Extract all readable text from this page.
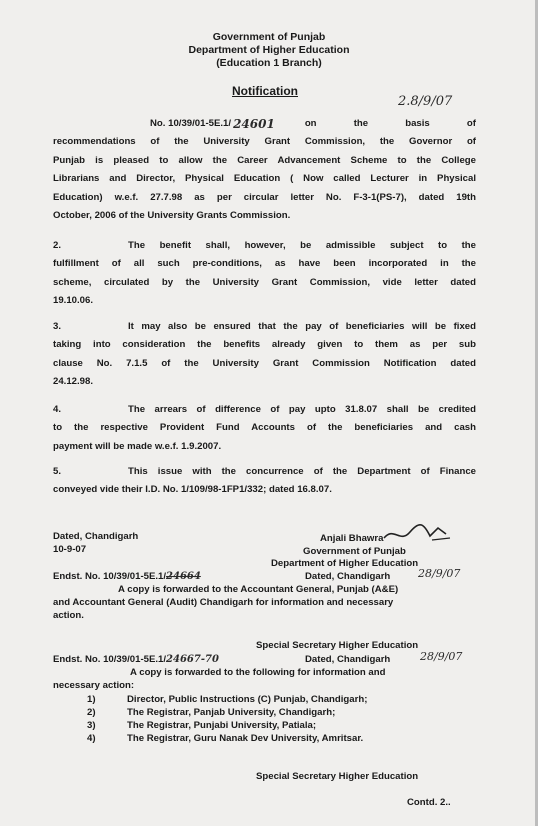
Government of Punjab
Department of Higher Education
(Education 1 Branch)
Notification
2.8/9/07
No. 10/39/01-5E.1/ 24601	on	the	basis	of
recommendations of the University Grant Commission, the Governor of
Punjab is pleased to allow the Career Advancement Scheme to the College
Librarians and Director, Physical Education ( Now called Lecturer in Physical
Education) w.e.f. 27.7.98 as per circular letter No. F-3-1(PS-7), dated 19th
October, 2006 of the University Grants Commission.
2.	The benefit shall, however, be admissible subject to the
fulfillment of all such pre-conditions, as have been incorporated in the
scheme, circulated by the University Grant Commission, vide letter dated
19.10.06.
3.	It may also be ensured that the pay of beneficiaries will be fixed
taking into consideration the benefits already given to them as per sub
clause No. 7.1.5 of the University Grant Commission Notification dated
24.12.98.
4.	The arrears of difference of pay upto 31.8.07 shall be credited
to the respective Provident Fund Accounts of the beneficiaries and cash
payment will be made w.e.f. 1.9.2007.
5.	This issue with the concurrence of the Department of Finance
conveyed vide their I.D. No. 1/109/98-1FP1/332; dated 16.8.07.
Dated, Chandigarh
10-9-07
Anjali Bhawra
Government of Punjab
Department of Higher Education
Endst. No. 10/39/01-5E.1/24664	Dated, Chandigarh	28/9/07
A copy is forwarded to the Accountant General, Punjab (A&E)
and Accountant General (Audit) Chandigarh for information and necessary
action.
Special Secretary Higher Education
Endst. No. 10/39/01-5E.1/24667-70	Dated, Chandigarh	28/9/07
A copy is forwarded to the following for information and
necessary action:
1)	Director, Public Instructions (C) Punjab, Chandigarh;
2)	The Registrar, Panjab University, Chandigarh;
3)	The Registrar, Punjabi University, Patiala;
4)	The Registrar, Guru Nanak Dev University, Amritsar.
Special Secretary Higher Education
Contd. 2..
